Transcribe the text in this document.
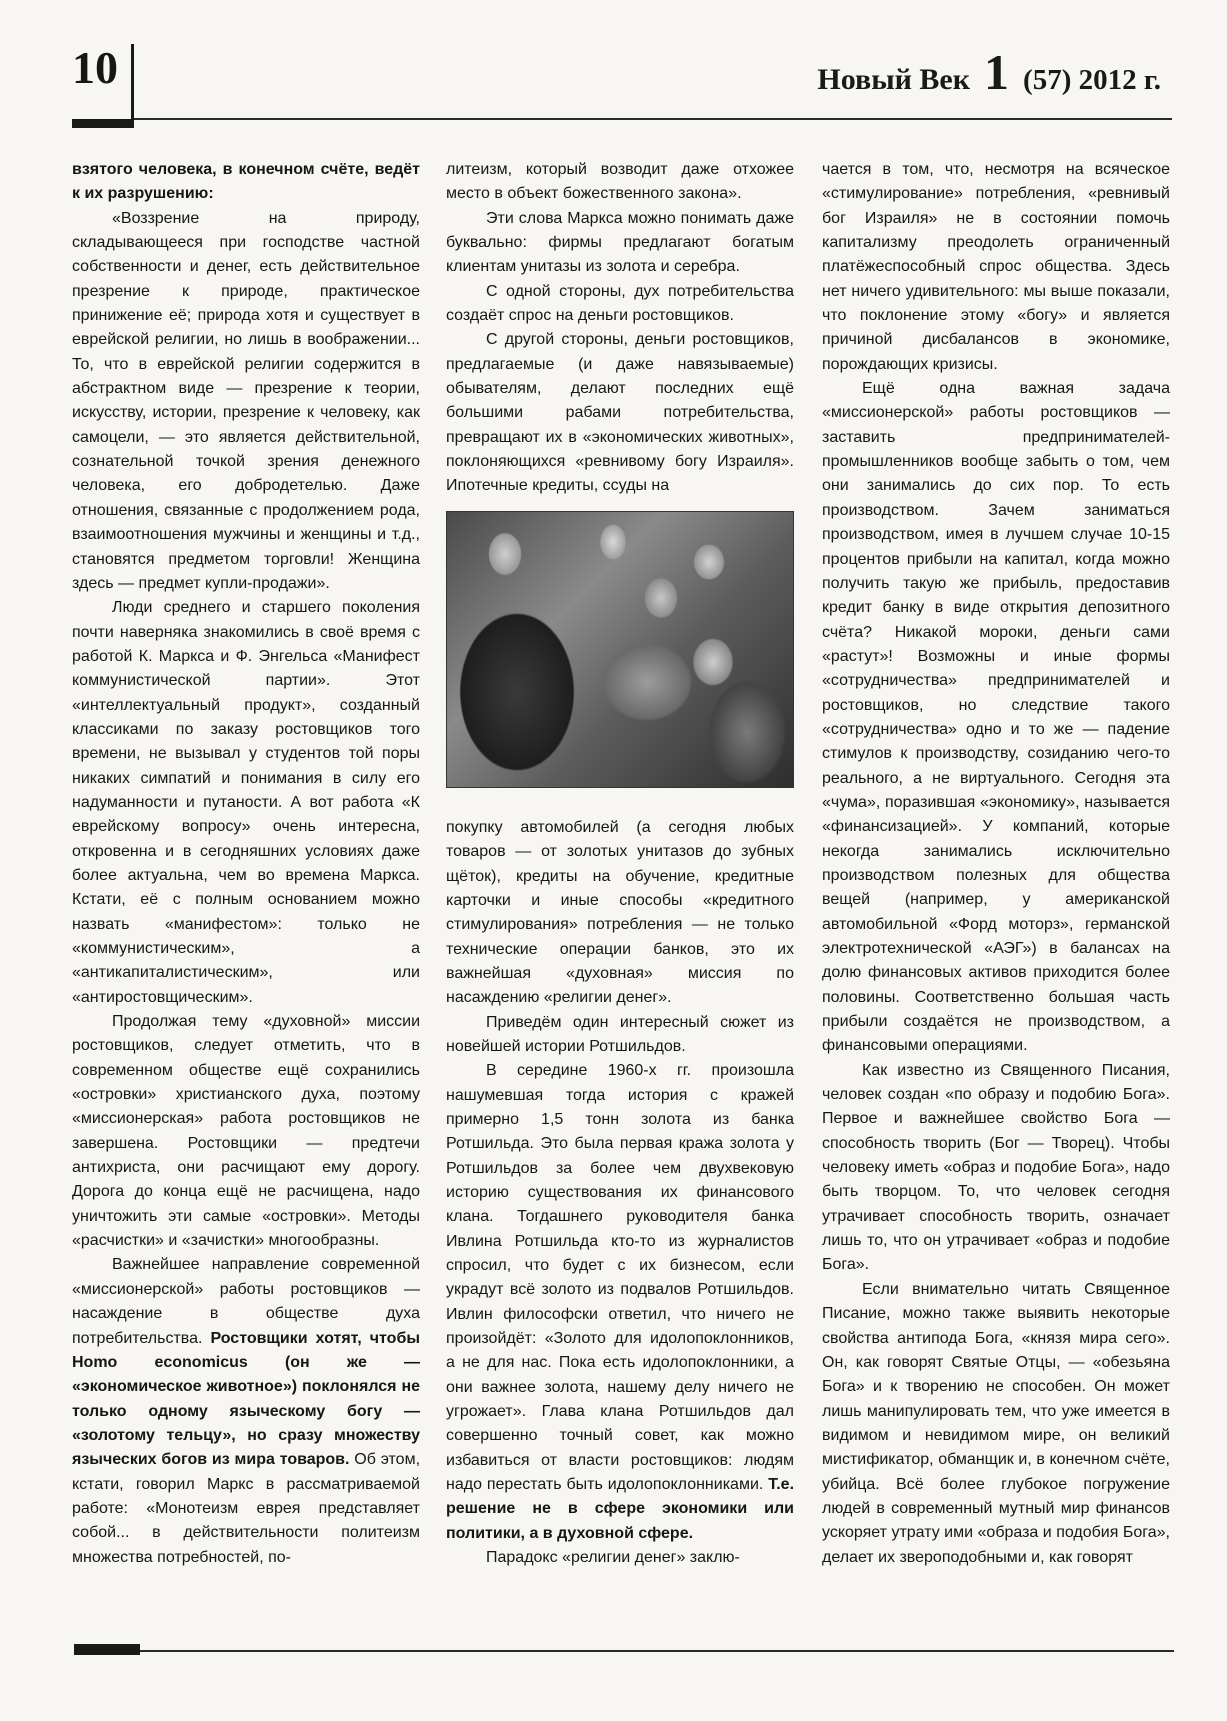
10	Новый Век 1 (57) 2012 г.

взятого человека, в конечном счёте, ведёт к их разрушению:

«Воззрение на природу, складывающееся при господстве частной собственности и денег, есть действительное презрение к природе, практическое принижение её; природа хотя и существует в еврейской религии, но лишь в воображении... То, что в еврейской религии содержится в абстрактном виде — презрение к теории, искусству, истории, презрение к человеку, как самоцели, — это является действительной, сознательной точкой зрения денежного человека, его добродетелью. Даже отношения, связанные с продолжением рода, взаимоотношения мужчины и женщины и т.д., становятся предметом торговли! Женщина здесь — предмет купли-продажи».

Люди среднего и старшего поколения почти наверняка знакомились в своё время с работой К. Маркса и Ф. Энгельса «Манифест коммунистической партии». Этот «интеллектуальный продукт», созданный классиками по заказу ростовщиков того времени, не вызывал у студентов той поры никаких симпатий и понимания в силу его надуманности и путаности. А вот работа «К еврейскому вопросу» очень интересна, откровенна и в сегодняшних условиях даже более актуальна, чем во времена Маркса. Кстати, её с полным основанием можно назвать «манифестом»: только не «коммунистическим», а «антикапиталистическим», или «антиростовщическим».

Продолжая тему «духовной» миссии ростовщиков, следует отметить, что в современном обществе ещё сохранились «островки» христианского духа, поэтому «миссионерская» работа ростовщиков не завершена. Ростовщики — предтечи антихриста, они расчищают ему дорогу. Дорога до конца ещё не расчищена, надо уничтожить эти самые «островки». Методы «расчистки» и «зачистки» многообразны.

Важнейшее направление современной «миссионерской» работы ростовщиков — насаждение в обществе духа потребительства. Ростовщики хотят, чтобы Homo economicus (он же — «экономическое животное») поклонялся не только одному языческому богу — «золотому тельцу», но сразу множеству языческих богов из мира товаров. Об этом, кстати, говорил Маркс в рассматриваемой работе: «Монотеизм еврея представляет собой... в действительности политеизм множества потребностей, по-

литеизм, который возводит даже отхожее место в объект божественного закона».

Эти слова Маркса можно понимать даже буквально: фирмы предлагают богатым клиентам унитазы из золота и серебра.

С одной стороны, дух потребительства создаёт спрос на деньги ростовщиков.

С другой стороны, деньги ростовщиков, предлагаемые (и даже навязываемые) обывателям, делают последних ещё большими рабами потребительства, превращают их в «экономических животных», поклоняющихся «ревнивому богу Израиля». Ипотечные кредиты, ссуды на

покупку автомобилей (а сегодня любых товаров — от золотых унитазов до зубных щёток), кредиты на обучение, кредитные карточки и иные способы «кредитного стимулирования» потребления — не только технические операции банков, это их важнейшая «духовная» миссия по насаждению «религии денег».

Приведём один интересный сюжет из новейшей истории Ротшильдов.

В середине 1960-х гг. произошла нашумевшая тогда история с кражей примерно 1,5 тонн золота из банка Ротшильда. Это была первая кража золота у Ротшильдов за более чем двухвековую историю существования их финансового клана. Тогдашнего руководителя банка Ивлина Ротшильда кто-то из журналистов спросил, что будет с их бизнесом, если украдут всё золото из подвалов Ротшильдов. Ивлин философски ответил, что ничего не произойдёт: «Золото для идолопоклонников, а не для нас. Пока есть идолопоклонники, а они важнее золота, нашему делу ничего не угрожает». Глава клана Ротшильдов дал совершенно точный совет, как можно избавиться от власти ростовщиков: людям надо перестать быть идолопоклонниками. Т.е. решение не в сфере экономики или политики, а в духовной сфере.

Парадокс «религии денег» заклю-

чается в том, что, несмотря на всяческое «стимулирование» потребления, «ревнивый бог Израиля» не в состоянии помочь капитализму преодолеть ограниченный платёжеспособный спрос общества. Здесь нет ничего удивительного: мы выше показали, что поклонение этому «богу» и является причиной дисбалансов в экономике, порождающих кризисы.

Ещё одна важная задача «миссионерской» работы ростовщиков — заставить предпринимателей-промышленников вообще забыть о том, чем они занимались до сих пор. То есть производством. Зачем заниматься производством, имея в лучшем случае 10-15 процентов прибыли на капитал, когда можно получить такую же прибыль, предоставив кредит банку в виде открытия депозитного счёта? Никакой мороки, деньги сами «растут»! Возможны и иные формы «сотрудничества» предпринимателей и ростовщиков, но следствие такого «сотрудничества» одно и то же — падение стимулов к производству, созиданию чего-то реального, а не виртуального. Сегодня эта «чума», поразившая «экономику», называется «финансизацией». У компаний, которые некогда занимались исключительно производством полезных для общества вещей (например, у американской автомобильной «Форд моторз», германской электротехнической «АЭГ») в балансах на долю финансовых активов приходится более половины. Соответственно большая часть прибыли создаётся не производством, а финансовыми операциями.

Как известно из Священного Писания, человек создан «по образу и подобию Бога». Первое и важнейшее свойство Бога — способность творить (Бог — Творец). Чтобы человеку иметь «образ и подобие Бога», надо быть творцом. То, что человек сегодня утрачивает способность творить, означает лишь то, что он утрачивает «образ и подобие Бога».

Если внимательно читать Священное Писание, можно также выявить некоторые свойства антипода Бога, «князя мира сего». Он, как говорят Святые Отцы, — «обезьяна Бога» и к творению не способен. Он может лишь манипулировать тем, что уже имеется в видимом и невидимом мире, он великий мистификатор, обманщик и, в конечном счёте, убийца. Всё более глубокое погружение людей в современный мутный мир финансов ускоряет утрату ими «образа и подобия Бога», делает их звероподобными и, как говорят
